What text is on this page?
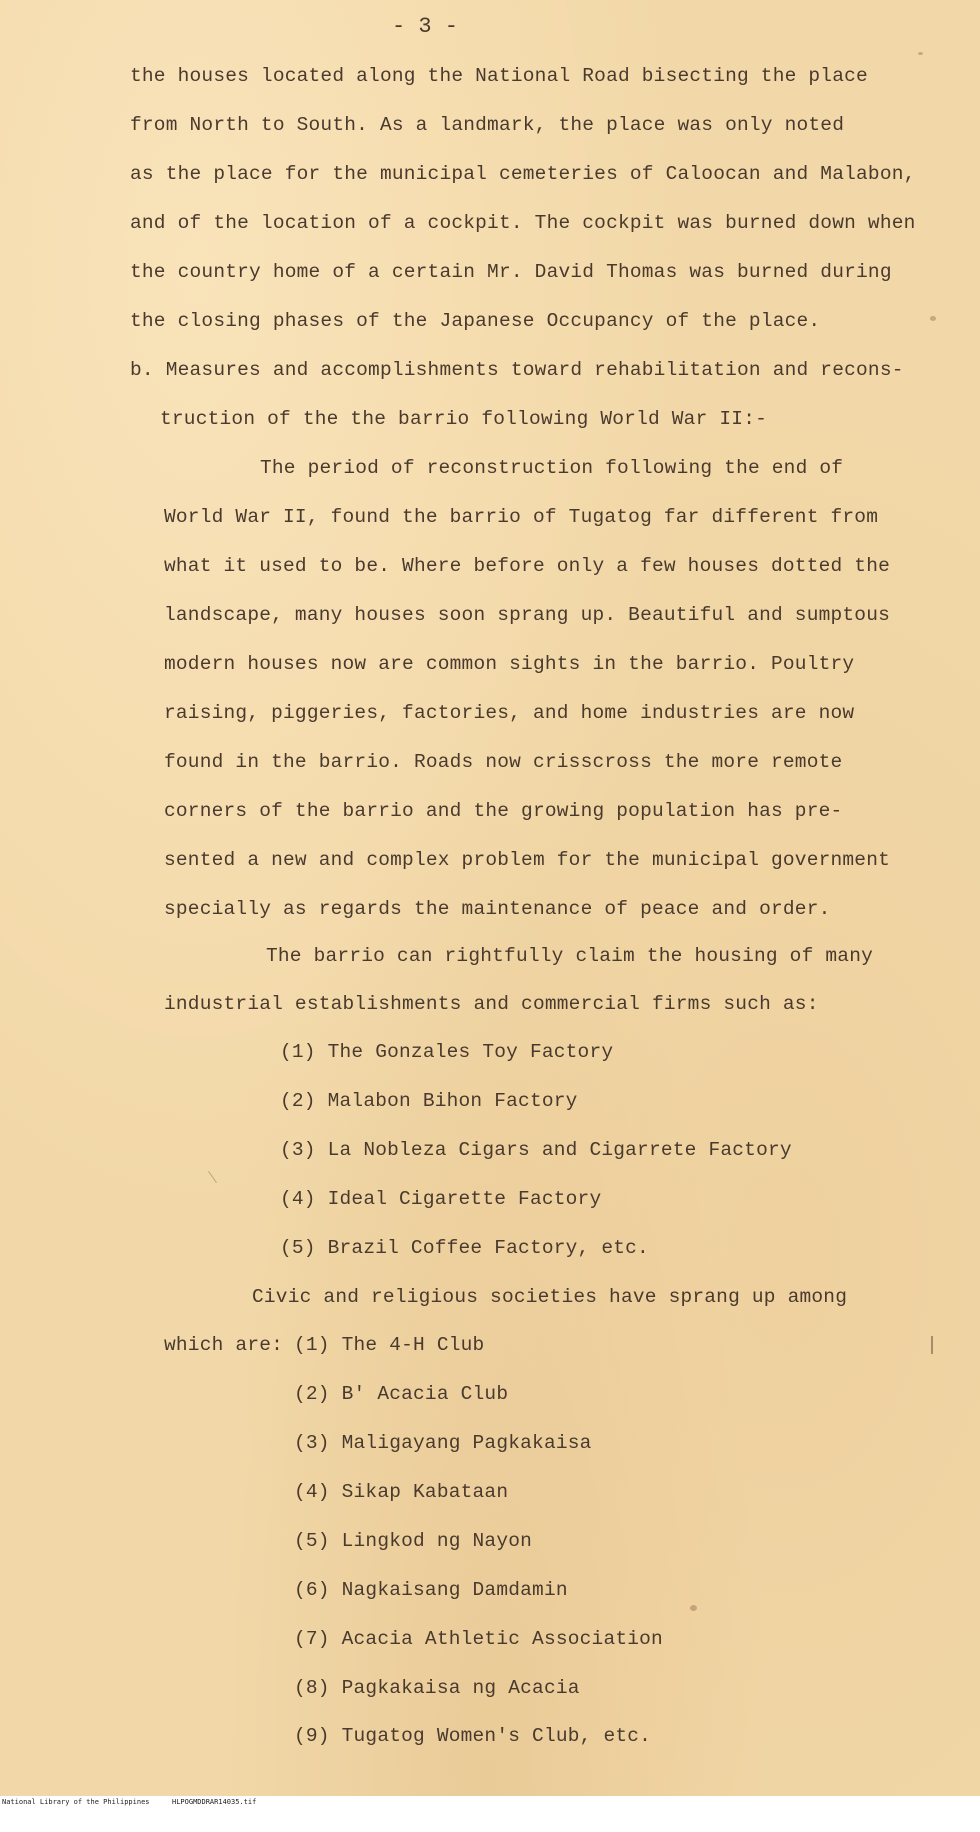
- 3 -
the houses located along the National Road bisecting the place
from North to South. As a landmark, the place was only noted
as the place for the municipal cemeteries of Caloocan and Malabon,
and of the location of a cockpit. The cockpit was burned down when
the country home of a certain Mr. David Thomas was burned during
the closing phases of the Japanese Occupancy of the place.
b. Measures and accomplishments toward rehabilitation and recons-
truction of the the barrio following World War II:-
The period of reconstruction following the end of
World War II, found the barrio of Tugatog far different from
what it used to be. Where before only a few houses dotted the
landscape, many houses soon sprang up. Beautiful and sumptous
modern houses now are common sights in the barrio. Poultry
raising, piggeries, factories, and home industries are now
found in the barrio. Roads now crisscross the more remote
corners of the barrio and the growing population has pre-
sented a new and complex problem for the municipal government
specially as regards the maintenance of peace and order.
The barrio can rightfully claim the housing of many
industrial establishments and commercial firms such as:
(1) The Gonzales Toy Factory
(2) Malabon Bihon Factory
(3) La Nobleza Cigars and Cigarrete Factory
(4) Ideal Cigarette Factory
(5) Brazil Coffee Factory, etc.
Civic and religious societies have sprang up among
which are: (1) The 4-H Club
(2) B' Acacia Club
(3) Maligayang Pagkakaisa
(4) Sikap Kabataan
(5) Lingkod ng Nayon
(6) Nagkaisang Damdamin
(7) Acacia Athletic Association
(8) Pagkakaisa ng Acacia
(9) Tugatog Women's Club, etc.

National Library of the Philippines

	HLPOGMDDRAR14035.tif
